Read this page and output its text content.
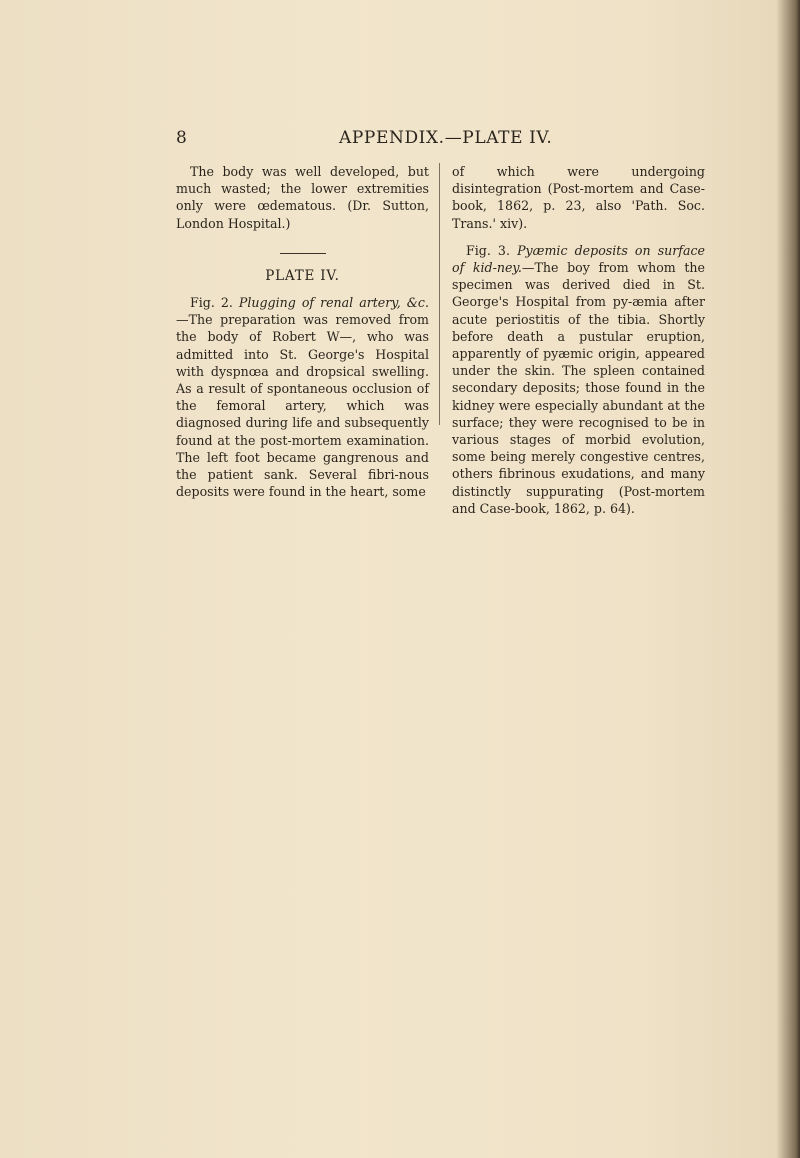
8	APPENDIX.—PLATE IV.

The body was well developed, but much wasted; the lower extremities only were œdematous. (Dr. Sutton, London Hospital.)

PLATE IV.

Fig. 2. Plugging of renal artery, &c.—The preparation was removed from the body of Robert W—, who was admitted into St. George's Hospital with dyspnœa and dropsical swelling. As a result of spontaneous occlusion of the femoral artery, which was diagnosed during life and subsequently found at the post-mortem examination. The left foot became gangrenous and the patient sank. Several fibri-nous deposits were found in the heart, some

of which were undergoing disintegration (Post-mortem and Case-book, 1862, p. 23, also 'Path. Soc. Trans.' xiv).

Fig. 3. Pyæmic deposits on surface of kid-ney.—The boy from whom the specimen was derived died in St. George's Hospital from py-æmia after acute periostitis of the tibia. Shortly before death a pustular eruption, apparently of pyæmic origin, appeared under the skin. The spleen contained secondary deposits; those found in the kidney were especially abundant at the surface; they were recognised to be in various stages of morbid evolution, some being merely congestive centres, others fibrinous exudations, and many distinctly suppurating (Post-mortem and Case-book, 1862, p. 64).
